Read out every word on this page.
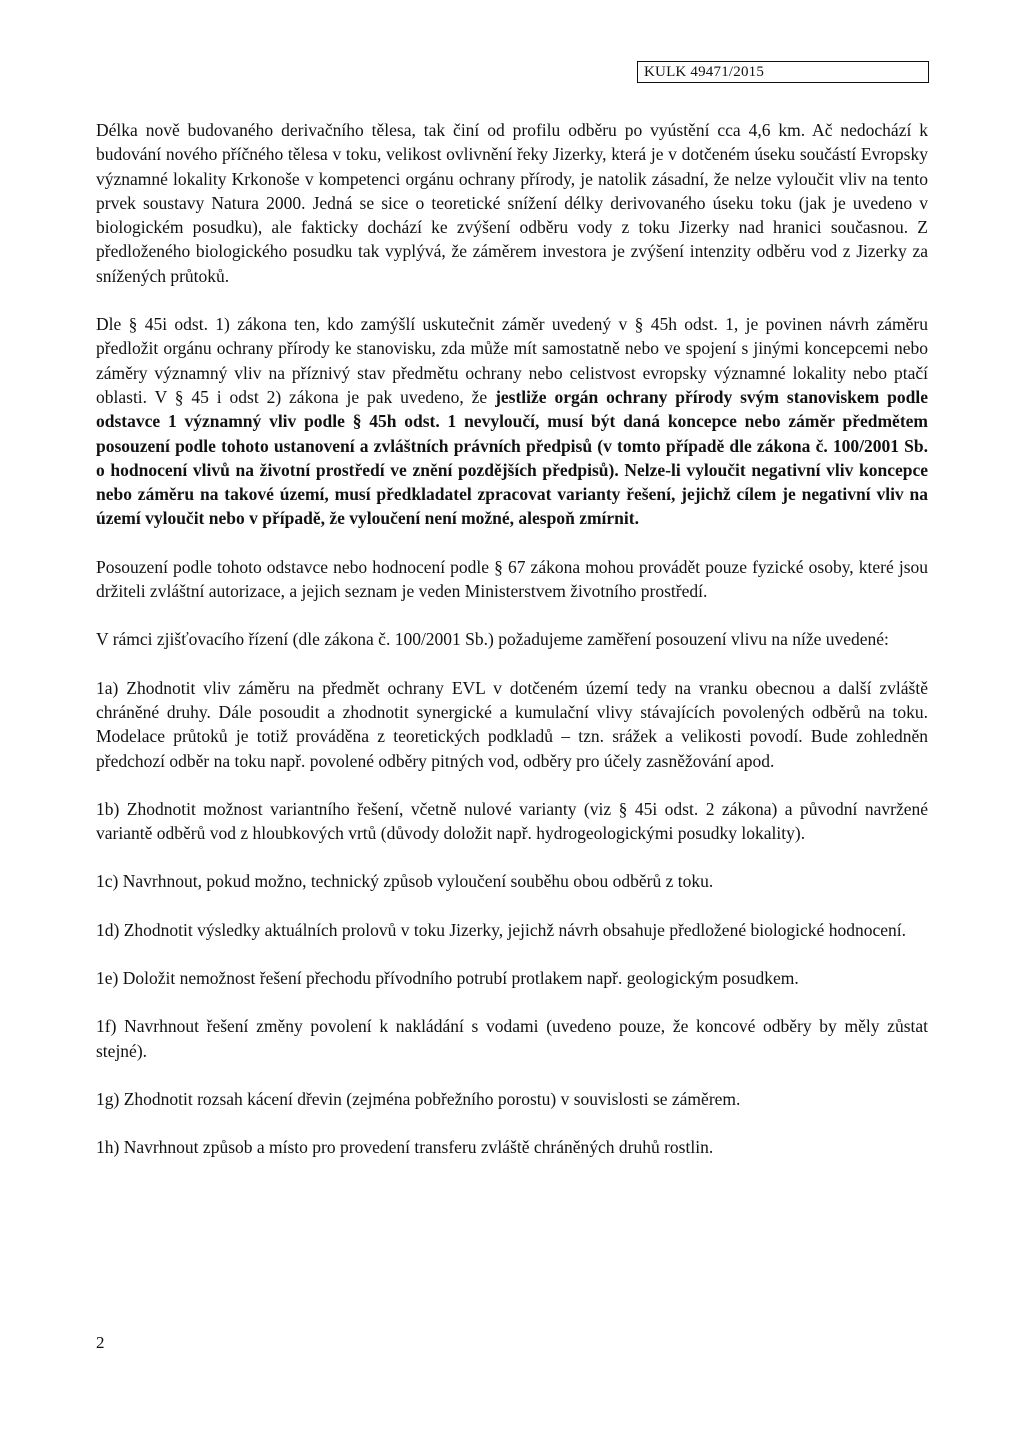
KULK 49471/2015

Délka nově budovaného derivačního tělesa, tak činí od profilu odběru po vyústění cca 4,6 km. Ač nedochází k budování nového příčného tělesa v toku, velikost ovlivnění řeky Jizerky, která je v dotčeném úseku součástí Evropsky významné lokality Krkonoše v kompetenci orgánu ochrany přírody, je natolik zásadní, že nelze vyloučit vliv na tento prvek soustavy Natura 2000. Jedná se sice o teoretické snížení délky derivovaného úseku toku (jak je uvedeno v biologickém posudku), ale fakticky dochází ke zvýšení odběru vody z toku Jizerky nad hranici současnou. Z předloženého biologického posudku tak vyplývá, že záměrem investora je zvýšení intenzity odběru vod z Jizerky za snížených průtoků.

Dle § 45i odst. 1) zákona ten, kdo zamýšlí uskutečnit záměr uvedený v § 45h odst. 1, je povinen návrh záměru předložit orgánu ochrany přírody ke stanovisku, zda může mít samostatně nebo ve spojení s jinými koncepcemi nebo záměry významný vliv na příznivý stav předmětu ochrany nebo celistvost evropsky významné lokality nebo ptačí oblasti. V § 45 i odst 2) zákona je pak uvedeno, že jestliže orgán ochrany přírody svým stanoviskem podle odstavce 1 významný vliv podle § 45h odst. 1 nevyloučí, musí být daná koncepce nebo záměr předmětem posouzení podle tohoto ustanovení a zvláštních právních předpisů (v tomto případě dle zákona č. 100/2001 Sb. o hodnocení vlivů na životní prostředí ve znění pozdějších předpisů). Nelze-li vyloučit negativní vliv koncepce nebo záměru na takové území, musí předkladatel zpracovat varianty řešení, jejichž cílem je negativní vliv na území vyloučit nebo v případě, že vyloučení není možné, alespoň zmírnit.

Posouzení podle tohoto odstavce nebo hodnocení podle § 67 zákona mohou provádět pouze fyzické osoby, které jsou držiteli zvláštní autorizace, a jejich seznam je veden Ministerstvem životního prostředí.

V rámci zjišťovacího řízení (dle zákona č. 100/2001 Sb.) požadujeme zaměření posouzení vlivu na níže uvedené:

1a) Zhodnotit vliv záměru na předmět ochrany EVL v dotčeném území tedy na vranku obecnou a další zvláště chráněné druhy. Dále posoudit a zhodnotit synergické a kumulační vlivy stávajících povolených odběrů na toku. Modelace průtoků je totiž prováděna z teoretických podkladů – tzn. srážek a velikosti povodí. Bude zohledněn předchozí odběr na toku např. povolené odběry pitných vod, odběry pro účely zasněžování apod.

1b) Zhodnotit možnost variantního řešení, včetně nulové varianty (viz § 45i odst. 2 zákona) a původní navržené variantě odběrů vod z hloubkových vrtů (důvody doložit např. hydrogeologickými posudky lokality).

1c) Navrhnout, pokud možno, technický způsob vyloučení souběhu obou odběrů z toku.

1d) Zhodnotit výsledky aktuálních prolovů v toku Jizerky, jejichž návrh obsahuje předložené biologické hodnocení.

1e) Doložit nemožnost řešení přechodu přívodního potrubí protlakem např. geologickým posudkem.

1f) Navrhnout řešení změny povolení k nakládání s vodami (uvedeno pouze, že koncové odběry by měly zůstat stejné).

1g) Zhodnotit rozsah kácení dřevin (zejména pobřežního porostu) v souvislosti se záměrem.

1h) Navrhnout způsob a místo pro provedení transferu zvláště chráněných druhů rostlin.

2
